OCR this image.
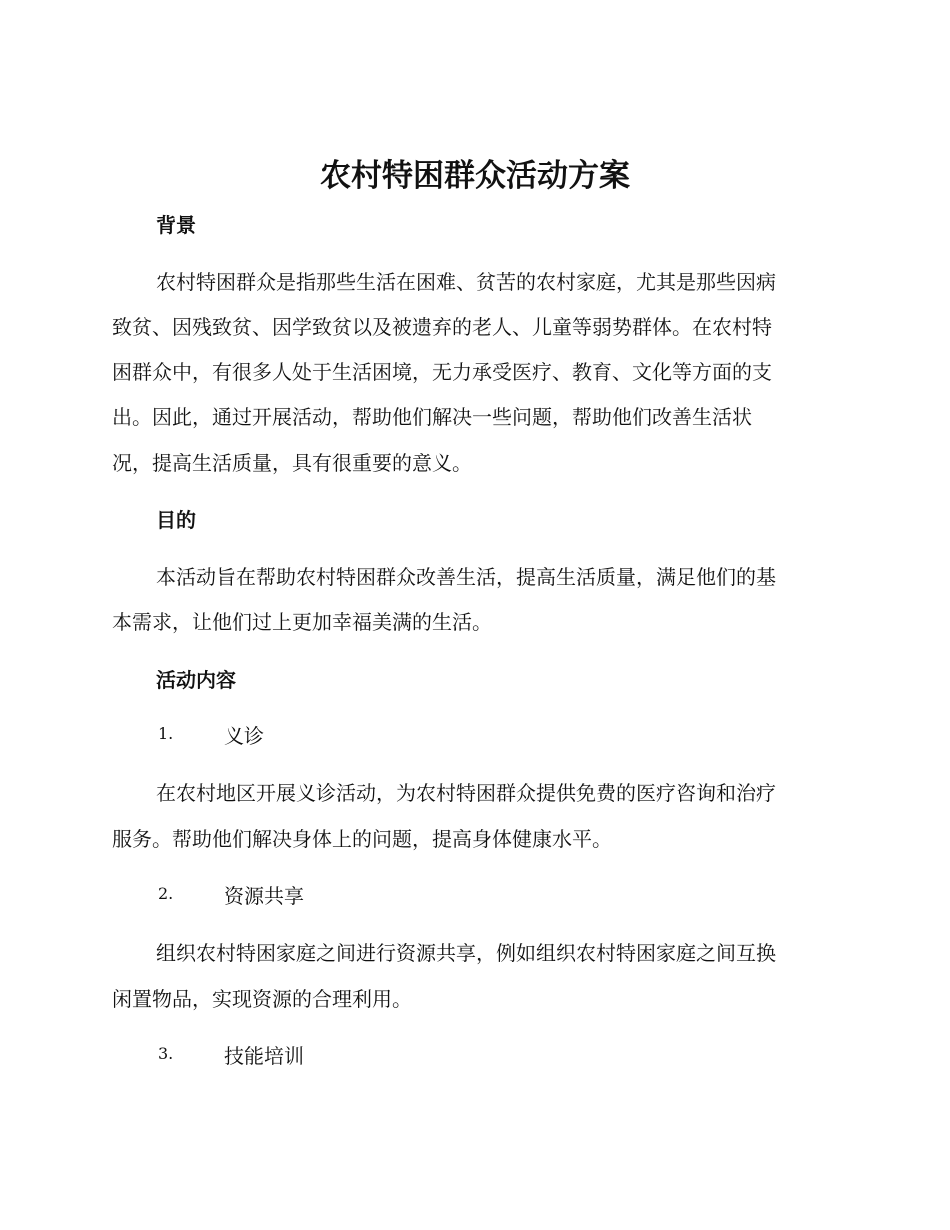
农村特困群众活动方案
背景
农村特困群众是指那些生活在困难、贫苦的农村家庭，尤其是那些因病
致贫、因残致贫、因学致贫以及被遗弃的老人、儿童等弱势群体。在农村特
困群众中，有很多人处于生活困境，无力承受医疗、教育、文化等方面的支
出。因此，通过开展活动，帮助他们解决一些问题，帮助他们改善生活状
况，提高生活质量，具有很重要的意义。
目的
本活动旨在帮助农村特困群众改善生活，提高生活质量，满足他们的基
本需求，让他们过上更加幸福美满的生活。
活动内容
1.	义诊
在农村地区开展义诊活动，为农村特困群众提供免费的医疗咨询和治疗
服务。帮助他们解决身体上的问题，提高身体健康水平。
2.	资源共享
组织农村特困家庭之间进行资源共享，例如组织农村特困家庭之间互换
闲置物品，实现资源的合理利用。
3.	技能培训
